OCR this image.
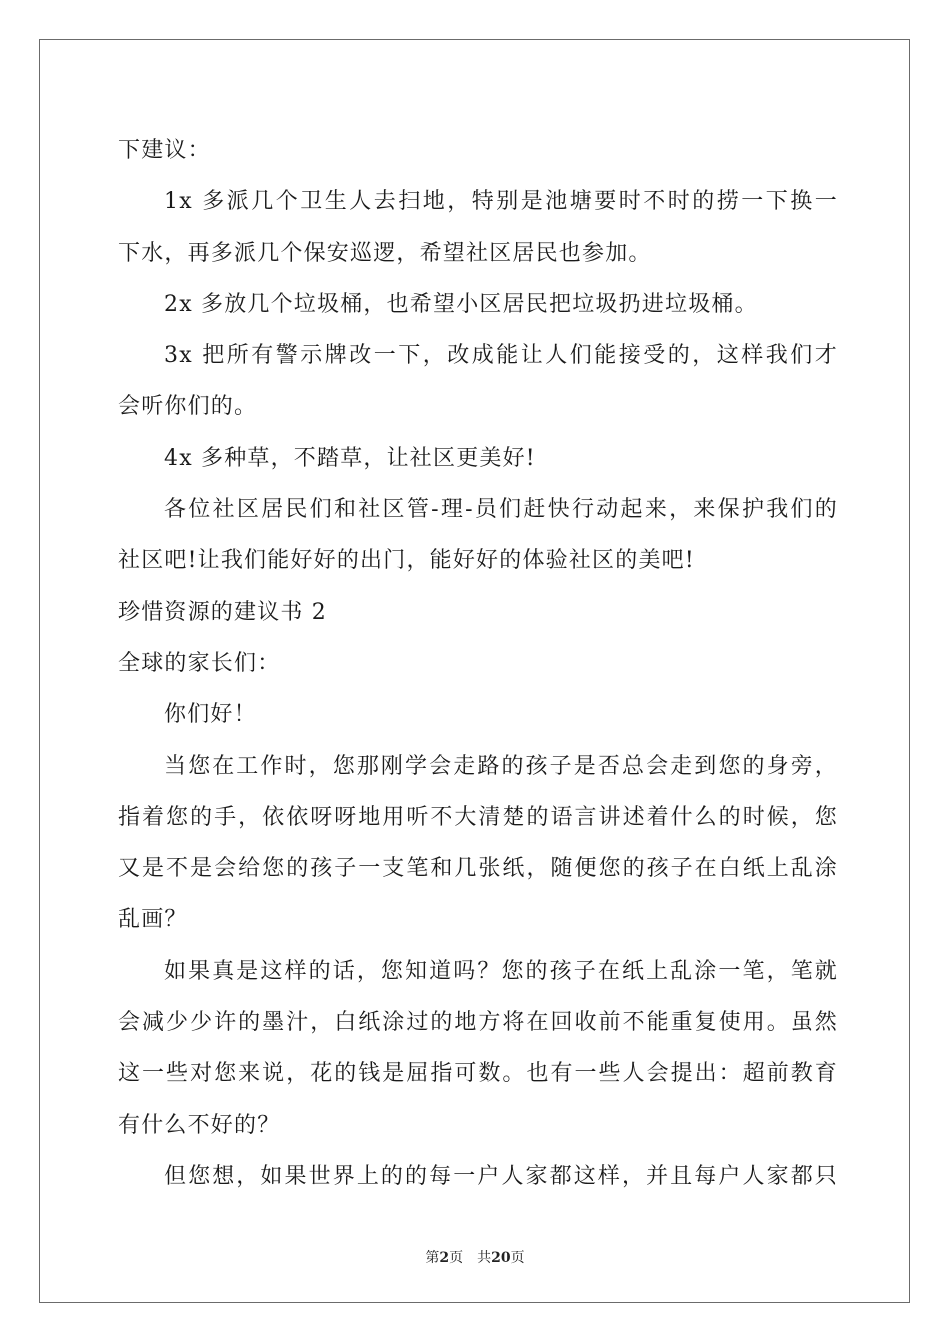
下建议：
1x 多派几个卫生人去扫地，特别是池塘要时不时的捞一下换一
下水，再多派几个保安巡逻，希望社区居民也参加。
2x 多放几个垃圾桶，也希望小区居民把垃圾扔进垃圾桶。
3x 把所有警示牌改一下，改成能让人们能接受的，这样我们才
会听你们的。
4x 多种草，不踏草，让社区更美好!
各位社区居民们和社区管-理-员们赶快行动起来，来保护我们的
社区吧!让我们能好好的出门，能好好的体验社区的美吧!
珍惜资源的建议书 2
全球的家长们：
你们好！
当您在工作时，您那刚学会走路的孩子是否总会走到您的身旁，
指着您的手，依依呀呀地用听不大清楚的语言讲述着什么的时候，您
又是不是会给您的孩子一支笔和几张纸，随便您的孩子在白纸上乱涂
乱画？
如果真是这样的话，您知道吗？您的孩子在纸上乱涂一笔，笔就
会减少少许的墨汁，白纸涂过的地方将在回收前不能重复使用。虽然
这一些对您来说，花的钱是屈指可数。也有一些人会提出：超前教育
有什么不好的？
但您想，如果世界上的的每一户人家都这样，并且每户人家都只
第2页　共20页
